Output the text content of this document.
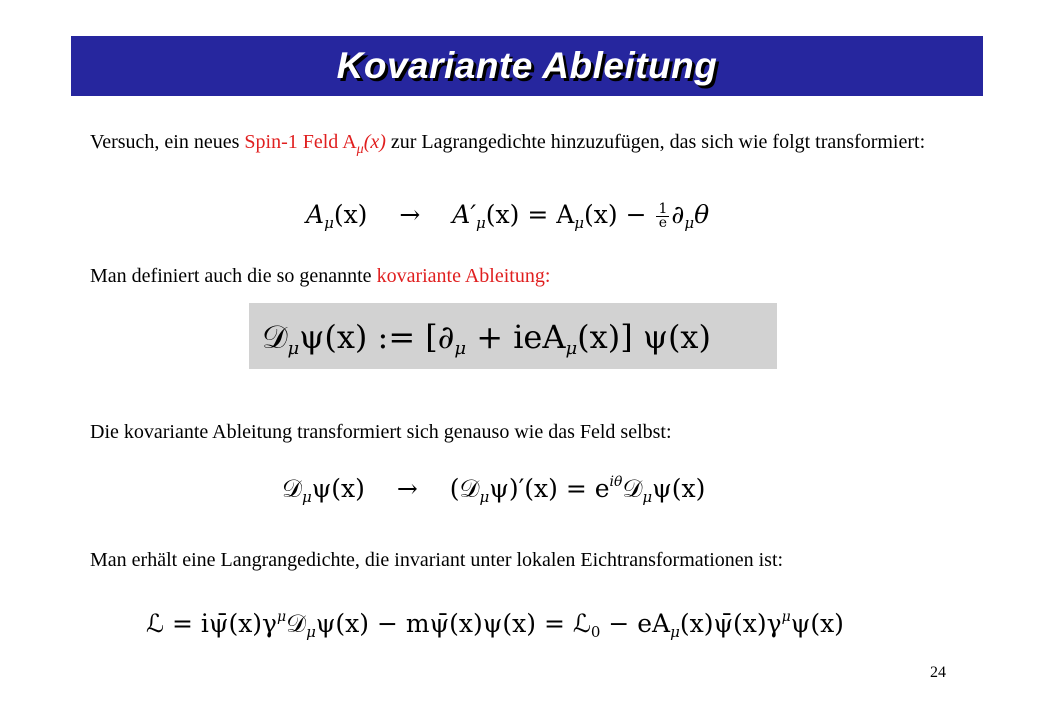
Kovariante Ableitung
Versuch, ein neues Spin-1 Feld $A_\mu(x)$ zur Lagrangedichte hinzuzufügen, das sich wie folgt transformiert:
$A_\mu(x) \to A'_\mu(x) = A_\mu(x) - \frac{1}{e} \partial_\mu\theta$
Man definiert auch die so genannte kovariante Ableitung:
𝒟$_\mu$ψ(x) := $[\partial_\mu + ieA_\mu(x)]$ ψ(x)
Die kovariante Ableitung transformiert sich genauso wie das Feld selbst:
𝒟$_\mu$ψ(x) → (𝒟$_\mu$ψ)′(x) = $e^{i\theta}𝒟_\mu\psi(x)$
Man erhält eine Langrangedichte, die invariant unter lokalen Eichtransformationen ist:
ℒ = $i\psī(x)\gamma^\mu 𝒟_\mu\psi(x)$ − mψ̄(x)ψ(x) = ℒ$_0$ − $eA_\mu(x)\psī(x)\gamma^\mu\psi(x)$
24
